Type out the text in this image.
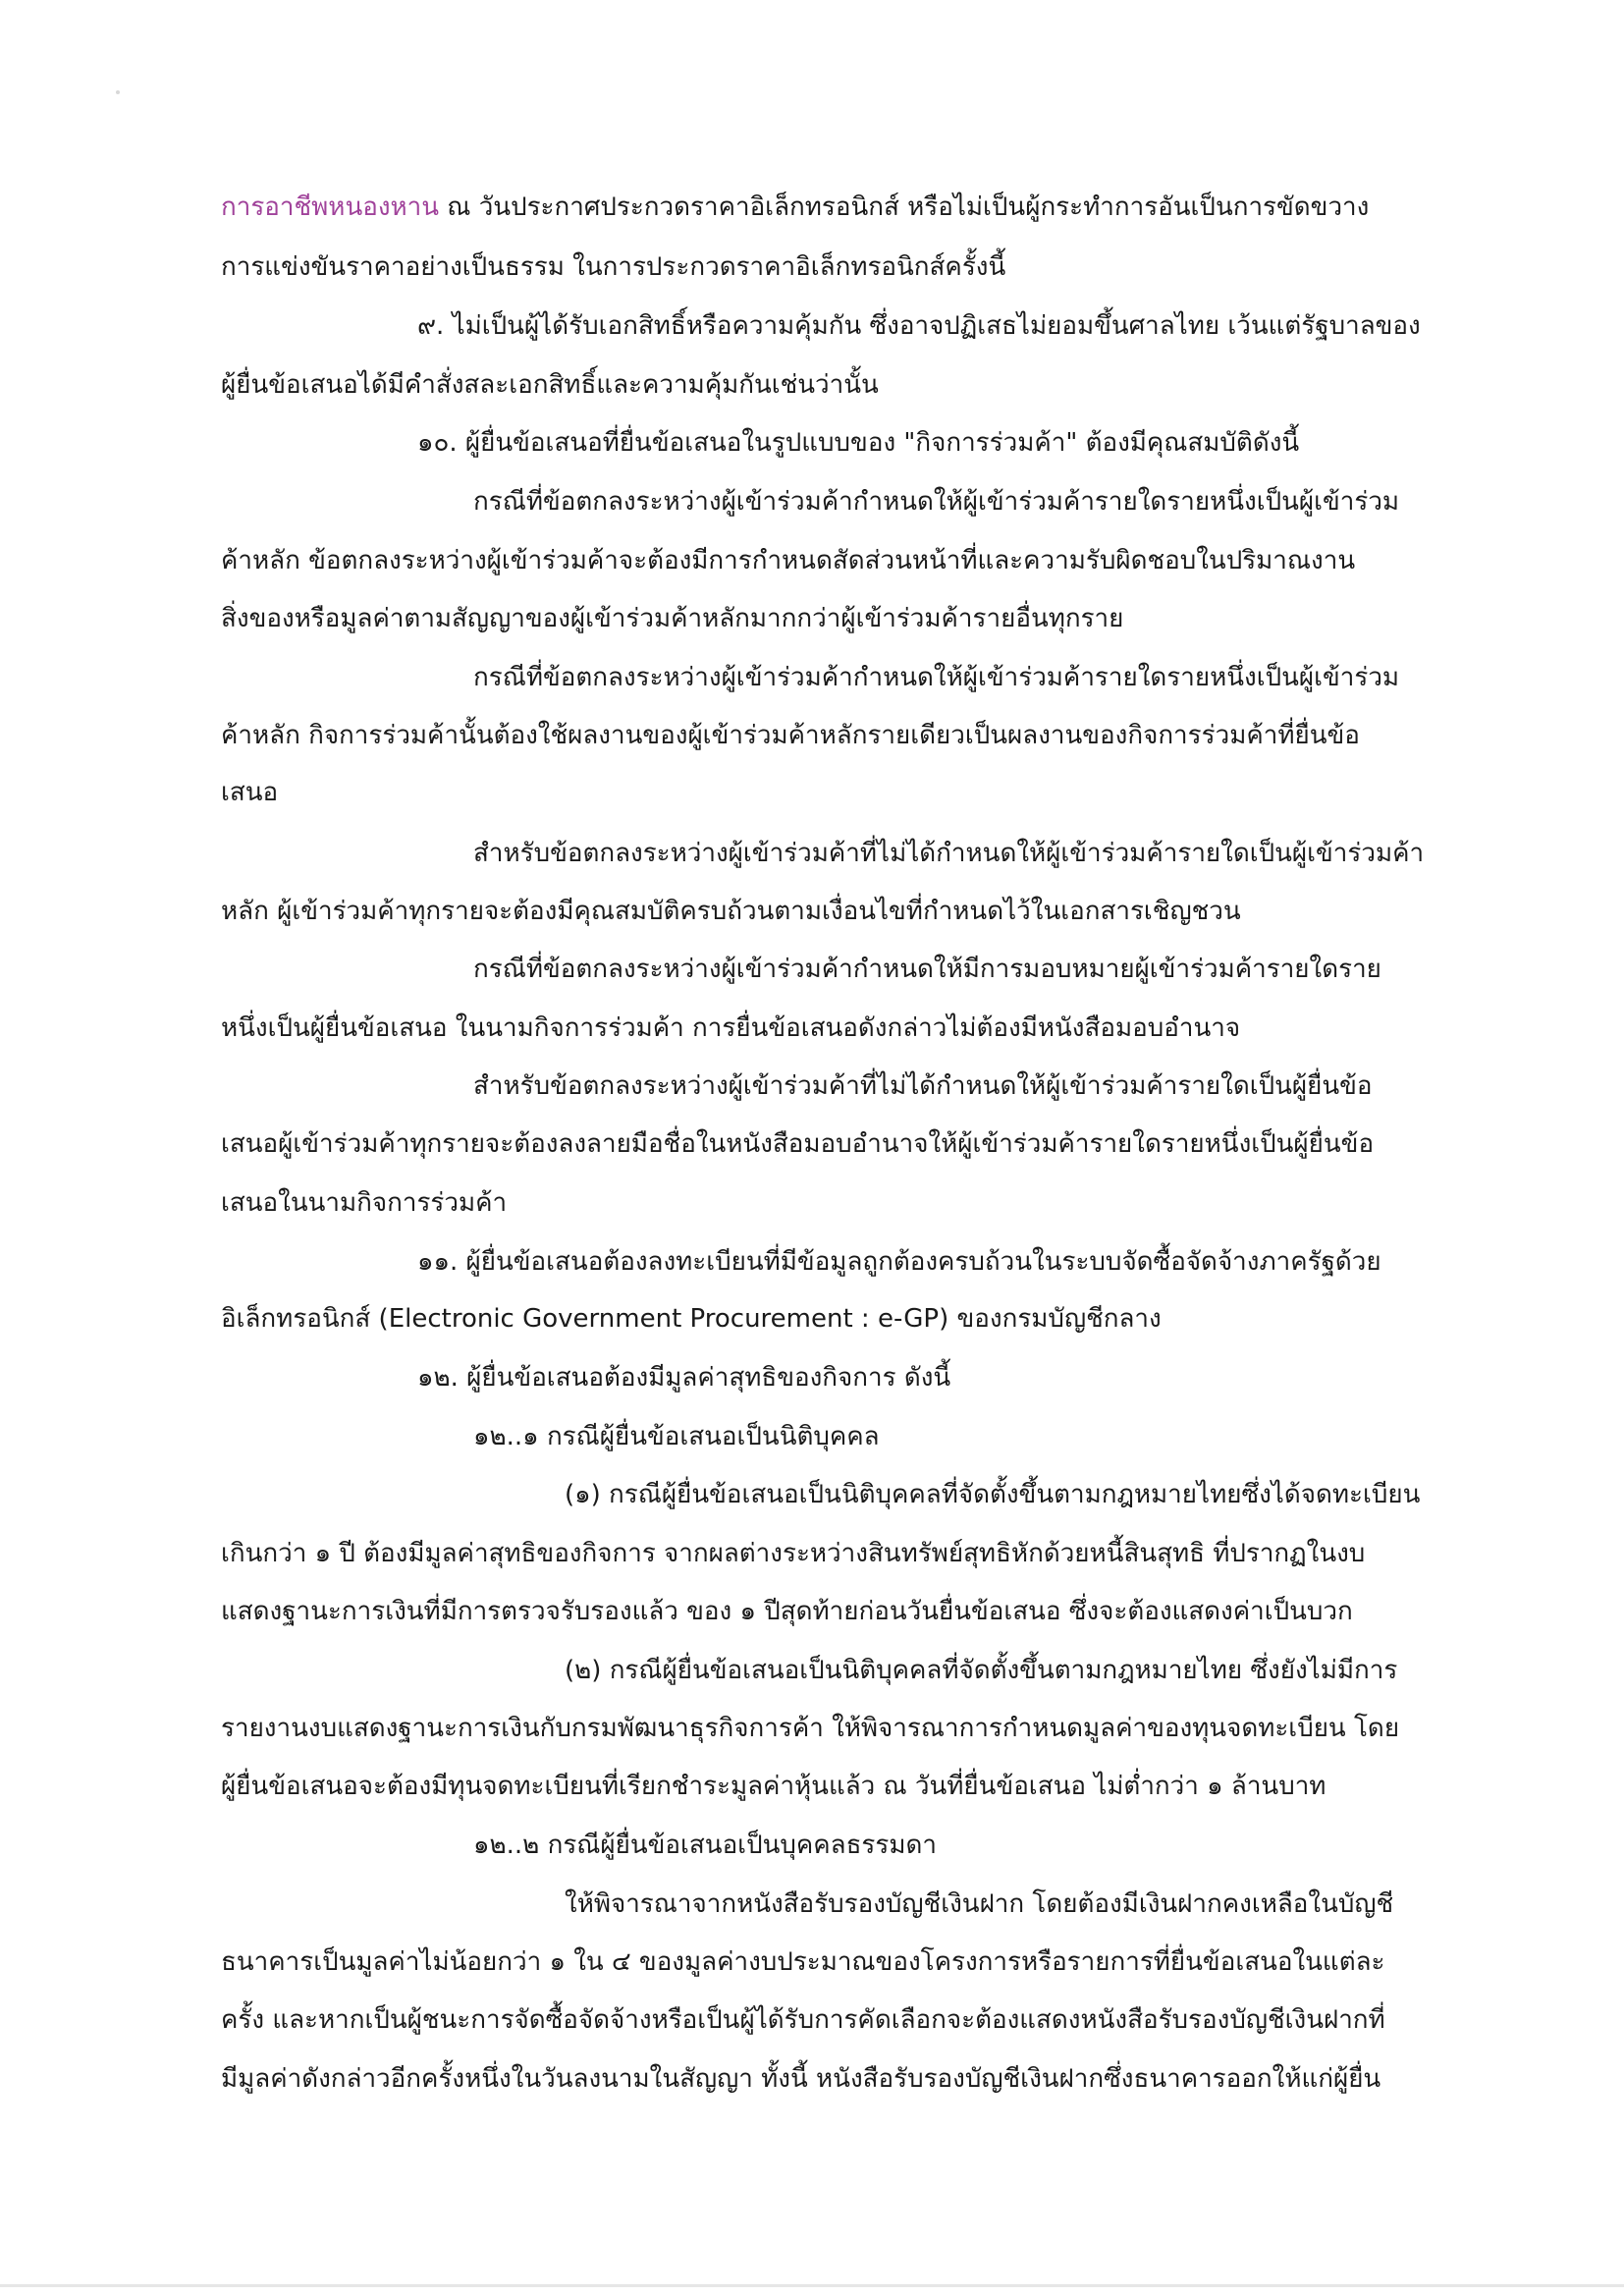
การอาชีพหนองหาน ณ วันประกาศประกวดราคาอิเล็กทรอนิกส์ หรือไม่เป็นผู้กระทำการอันเป็นการขัดขวาง
การแข่งขันราคาอย่างเป็นธรรม ในการประกวดราคาอิเล็กทรอนิกส์ครั้งนี้
๙. ไม่เป็นผู้ได้รับเอกสิทธิ์หรือความคุ้มกัน ซึ่งอาจปฏิเสธไม่ยอมขึ้นศาลไทย เว้นแต่รัฐบาลของ
ผู้ยื่นข้อเสนอได้มีคำสั่งสละเอกสิทธิ์และความคุ้มกันเช่นว่านั้น
๑๐. ผู้ยื่นข้อเสนอที่ยื่นข้อเสนอในรูปแบบของ "กิจการร่วมค้า" ต้องมีคุณสมบัติดังนี้
กรณีที่ข้อตกลงระหว่างผู้เข้าร่วมค้ากำหนดให้ผู้เข้าร่วมค้ารายใดรายหนึ่งเป็นผู้เข้าร่วม
ค้าหลัก ข้อตกลงระหว่างผู้เข้าร่วมค้าจะต้องมีการกำหนดสัดส่วนหน้าที่และความรับผิดชอบในปริมาณงาน
สิ่งของหรือมูลค่าตามสัญญาของผู้เข้าร่วมค้าหลักมากกว่าผู้เข้าร่วมค้ารายอื่นทุกราย
กรณีที่ข้อตกลงระหว่างผู้เข้าร่วมค้ากำหนดให้ผู้เข้าร่วมค้ารายใดรายหนึ่งเป็นผู้เข้าร่วม
ค้าหลัก กิจการร่วมค้านั้นต้องใช้ผลงานของผู้เข้าร่วมค้าหลักรายเดียวเป็นผลงานของกิจการร่วมค้าที่ยื่นข้อ
เสนอ
สำหรับข้อตกลงระหว่างผู้เข้าร่วมค้าที่ไม่ได้กำหนดให้ผู้เข้าร่วมค้ารายใดเป็นผู้เข้าร่วมค้า
หลัก ผู้เข้าร่วมค้าทุกรายจะต้องมีคุณสมบัติครบถ้วนตามเงื่อนไขที่กำหนดไว้ในเอกสารเชิญชวน
กรณีที่ข้อตกลงระหว่างผู้เข้าร่วมค้ากำหนดให้มีการมอบหมายผู้เข้าร่วมค้ารายใดราย
หนึ่งเป็นผู้ยื่นข้อเสนอ ในนามกิจการร่วมค้า การยื่นข้อเสนอดังกล่าวไม่ต้องมีหนังสือมอบอำนาจ
สำหรับข้อตกลงระหว่างผู้เข้าร่วมค้าที่ไม่ได้กำหนดให้ผู้เข้าร่วมค้ารายใดเป็นผู้ยื่นข้อ
เสนอผู้เข้าร่วมค้าทุกรายจะต้องลงลายมือชื่อในหนังสือมอบอำนาจให้ผู้เข้าร่วมค้ารายใดรายหนึ่งเป็นผู้ยื่นข้อ
เสนอในนามกิจการร่วมค้า
๑๑. ผู้ยื่นข้อเสนอต้องลงทะเบียนที่มีข้อมูลถูกต้องครบถ้วนในระบบจัดซื้อจัดจ้างภาครัฐด้วย
อิเล็กทรอนิกส์ (Electronic Government Procurement : e-GP) ของกรมบัญชีกลาง
๑๒. ผู้ยื่นข้อเสนอต้องมีมูลค่าสุทธิของกิจการ ดังนี้
๑๒..๑ กรณีผู้ยื่นข้อเสนอเป็นนิติบุคคล
(๑) กรณีผู้ยื่นข้อเสนอเป็นนิติบุคคลที่จัดตั้งขึ้นตามกฎหมายไทยซึ่งได้จดทะเบียน
เกินกว่า ๑ ปี ต้องมีมูลค่าสุทธิของกิจการ จากผลต่างระหว่างสินทรัพย์สุทธิหักด้วยหนี้สินสุทธิ ที่ปรากฏในงบ
แสดงฐานะการเงินที่มีการตรวจรับรองแล้ว ของ ๑ ปีสุดท้ายก่อนวันยื่นข้อเสนอ ซึ่งจะต้องแสดงค่าเป็นบวก
(๒) กรณีผู้ยื่นข้อเสนอเป็นนิติบุคคลที่จัดตั้งขึ้นตามกฎหมายไทย ซึ่งยังไม่มีการ
รายงานงบแสดงฐานะการเงินกับกรมพัฒนาธุรกิจการค้า ให้พิจารณาการกำหนดมูลค่าของทุนจดทะเบียน โดย
ผู้ยื่นข้อเสนอจะต้องมีทุนจดทะเบียนที่เรียกชำระมูลค่าหุ้นแล้ว ณ วันที่ยื่นข้อเสนอ ไม่ต่ำกว่า ๑ ล้านบาท
๑๒..๒ กรณีผู้ยื่นข้อเสนอเป็นบุคคลธรรมดา
ให้พิจารณาจากหนังสือรับรองบัญชีเงินฝาก โดยต้องมีเงินฝากคงเหลือในบัญชี
ธนาคารเป็นมูลค่าไม่น้อยกว่า ๑ ใน ๔ ของมูลค่างบประมาณของโครงการหรือรายการที่ยื่นข้อเสนอในแต่ละ
ครั้ง และหากเป็นผู้ชนะการจัดซื้อจัดจ้างหรือเป็นผู้ได้รับการคัดเลือกจะต้องแสดงหนังสือรับรองบัญชีเงินฝากที่
มีมูลค่าดังกล่าวอีกครั้งหนึ่งในวันลงนามในสัญญา ทั้งนี้ หนังสือรับรองบัญชีเงินฝากซึ่งธนาคารออกให้แก่ผู้ยื่น
